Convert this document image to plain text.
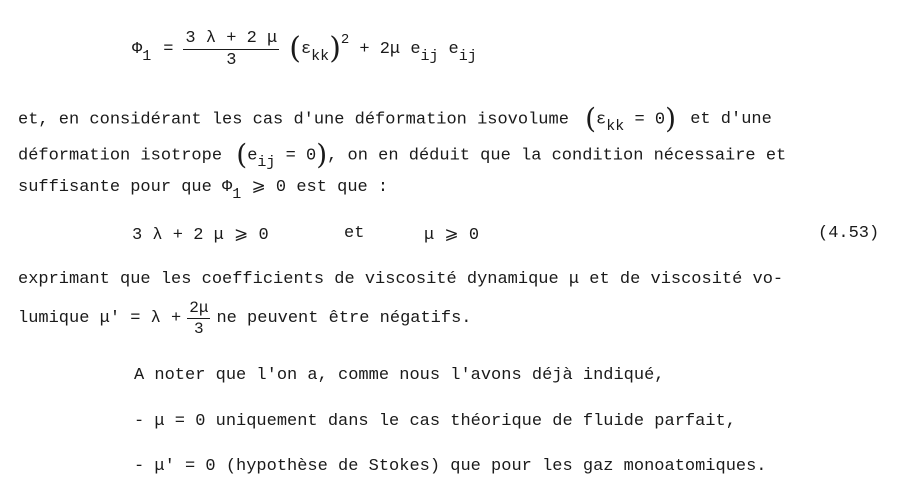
Φ $1 = \frac{3 \lambda + 2 \mu}{3}$ ( ε kk ) 2 + 2μ e ij e ij
et, en considérant les cas d'une déformation isovolume (εkk = 0) et d'une
déformation isotrope (eij = 0), on en déduit que la condition nécessaire et
suffisante pour que Φ1 ⩾ 0 est que :
3 λ + 2 μ ⩾ 0	et	μ ⩾ 0	(4.53)
exprimant que les coefficients de viscosité dynamique μ et de viscosité vo-
lumique $\mu' = \lambda + \frac{2\mu}{3}$ ne peuvent être négatifs.
A noter que l'on a, comme nous l'avons déjà indiqué,
- μ = 0 uniquement dans le cas théorique de fluide parfait,
- μ' = 0 (hypothèse de Stokes) que pour les gaz monoatomiques.
